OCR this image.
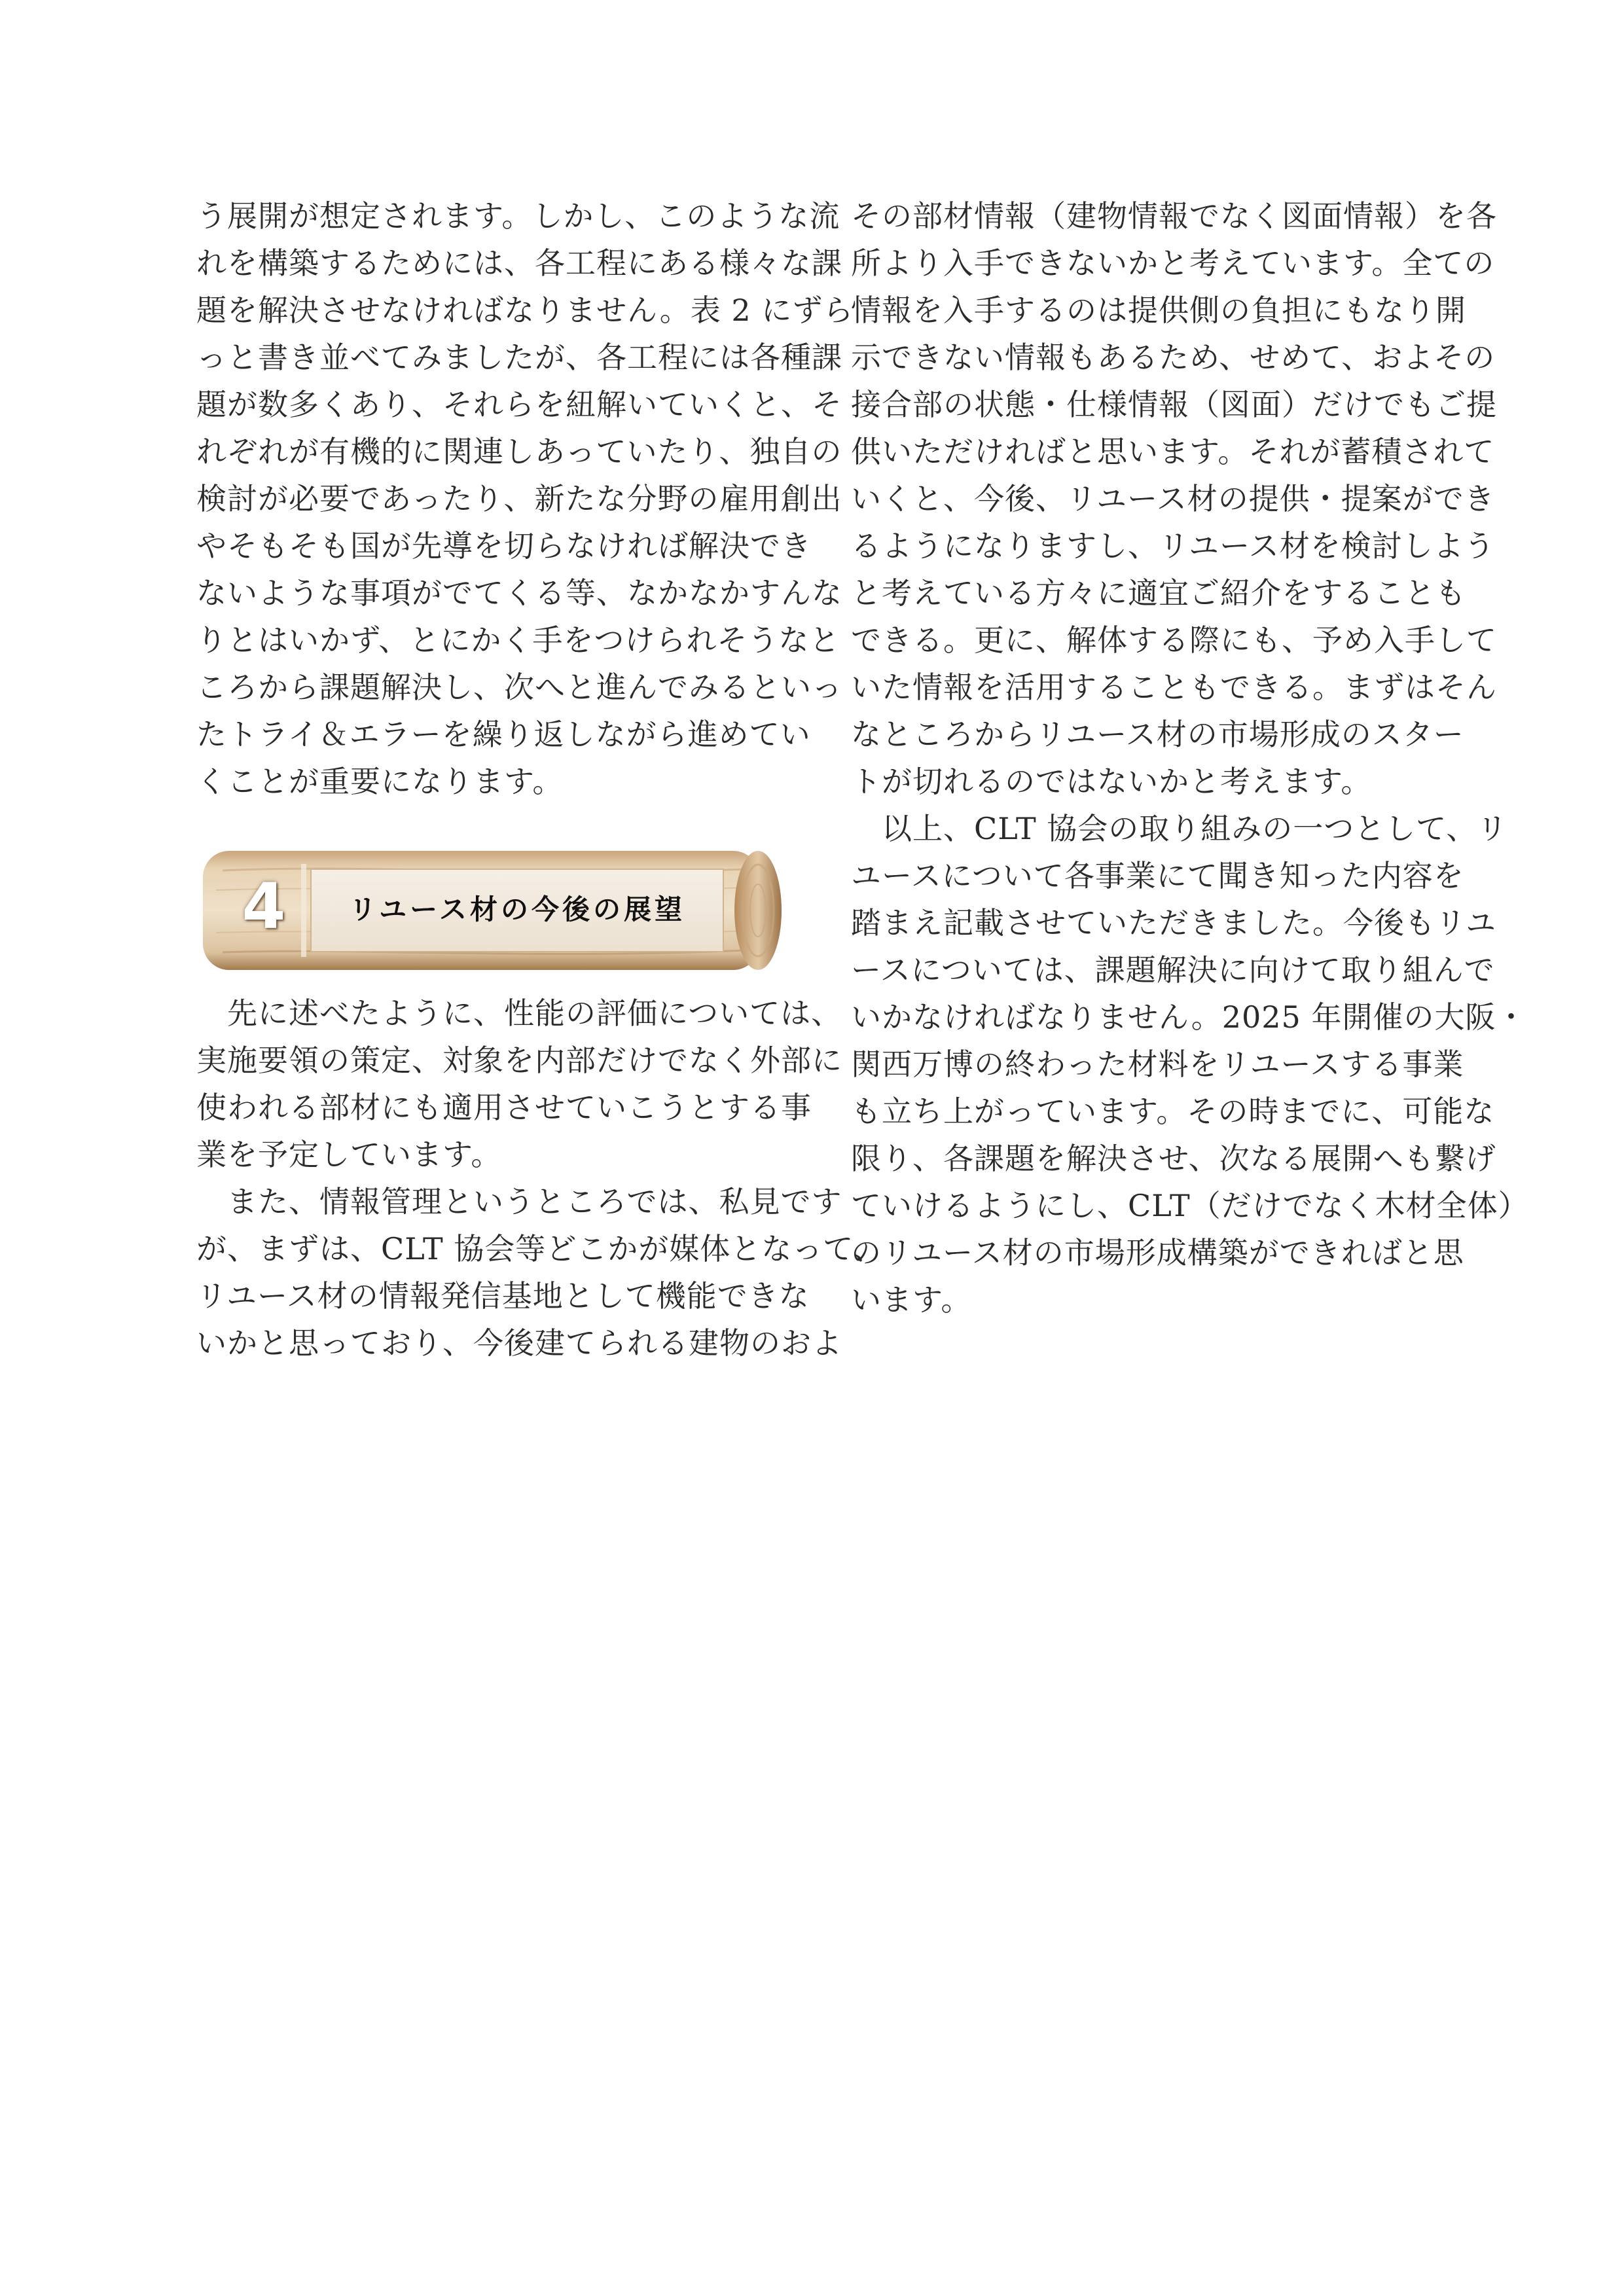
う展開が想定されます。しかし、このような流
れを構築するためには、各工程にある様々な課
題を解決させなければなりません。表 2 にずら
っと書き並べてみましたが、各工程には各種課
題が数多くあり、それらを紐解いていくと、そ
れぞれが有機的に関連しあっていたり、独自の
検討が必要であったり、新たな分野の雇用創出
やそもそも国が先導を切らなければ解決でき
ないような事項がでてくる等、なかなかすんな
りとはいかず、とにかく手をつけられそうなと
ころから課題解決し、次へと進んでみるといっ
たトライ＆エラーを繰り返しながら進めてい
くことが重要になります。
4	リユース材の今後の展望
　先に述べたように、性能の評価については、
実施要領の策定、対象を内部だけでなく外部に
使われる部材にも適用させていこうとする事
業を予定しています。
　また、情報管理というところでは、私見です
が、まずは、CLT 協会等どこかが媒体となって、
リユース材の情報発信基地として機能できな
いかと思っており、今後建てられる建物のおよ
その部材情報（建物情報でなく図面情報）を各
所より入手できないかと考えています。全ての
情報を入手するのは提供側の負担にもなり開
示できない情報もあるため、せめて、およその
接合部の状態・仕様情報（図面）だけでもご提
供いただければと思います。それが蓄積されて
いくと、今後、リユース材の提供・提案ができ
るようになりますし、リユース材を検討しよう
と考えている方々に適宜ご紹介をすることも
できる。更に、解体する際にも、予め入手して
いた情報を活用することもできる。まずはそん
なところからリユース材の市場形成のスター
トが切れるのではないかと考えます。
　以上、CLT 協会の取り組みの一つとして、リ
ユースについて各事業にて聞き知った内容を
踏まえ記載させていただきました。今後もリユ
ースについては、課題解決に向けて取り組んで
いかなければなりません。2025 年開催の大阪・
関西万博の終わった材料をリユースする事業
も立ち上がっています。その時までに、可能な
限り、各課題を解決させ、次なる展開へも繋げ
ていけるようにし、CLT（だけでなく木材全体）
のリユース材の市場形成構築ができればと思
います。
